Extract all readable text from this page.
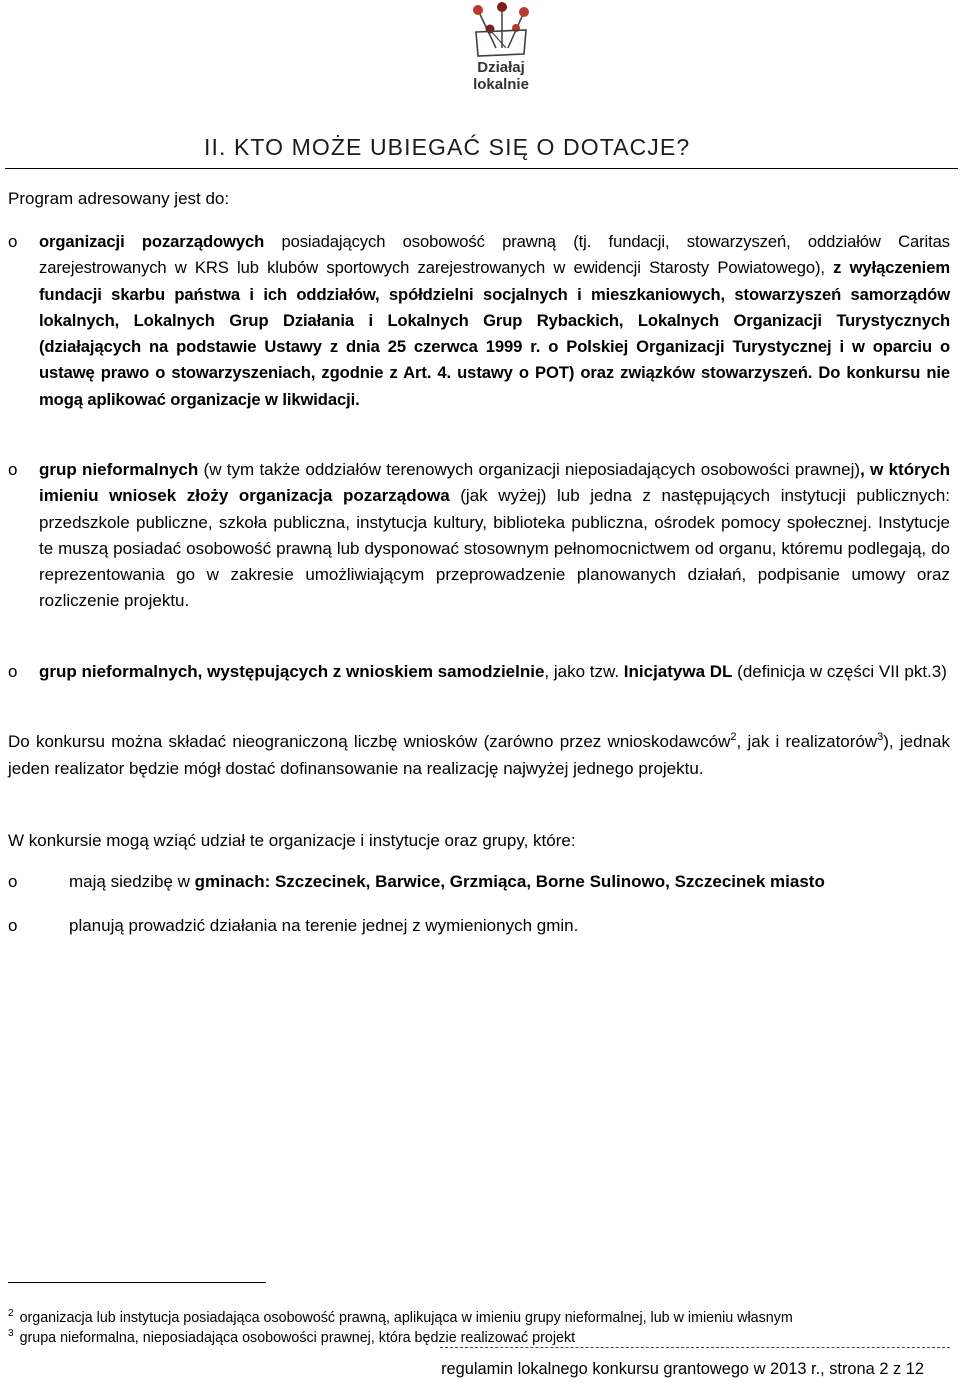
Działaj
lokalnie
II. KTO MOŻE UBIEGAĆ SIĘ O DOTACJE?
Program adresowany jest do:
o organizacji pozarządowych posiadających osobowość prawną (tj. fundacji, stowarzyszeń, oddziałów Caritas zarejestrowanych w KRS lub klubów sportowych zarejestrowanych w ewidencji Starosty Powiatowego), z wyłączeniem fundacji skarbu państwa i ich oddziałów, spółdzielni socjalnych i mieszkaniowych, stowarzyszeń samorządów lokalnych, Lokalnych Grup Działania i Lokalnych Grup Rybackich, Lokalnych Organizacji Turystycznych (działających na podstawie Ustawy z dnia 25 czerwca 1999 r. o Polskiej Organizacji Turystycznej i w oparciu o ustawę prawo o stowarzyszeniach, zgodnie z Art. 4. ustawy o POT) oraz związków stowarzyszeń. Do konkursu nie mogą aplikować organizacje w likwidacji.
o grup nieformalnych (w tym także oddziałów terenowych organizacji nieposiadających osobowości prawnej), w których imieniu wniosek złoży organizacja pozarządowa (jak wyżej) lub jedna z następujących instytucji publicznych: przedszkole publiczne, szkoła publiczna, instytucja kultury, biblioteka publiczna, ośrodek pomocy społecznej. Instytucje te muszą posiadać osobowość prawną lub dysponować stosownym pełnomocnictwem od organu, któremu podlegają, do reprezentowania go w zakresie umożliwiającym przeprowadzenie planowanych działań, podpisanie umowy oraz rozliczenie projektu.
o grup nieformalnych, występujących z wnioskiem samodzielnie, jako tzw. Inicjatywa DL (definicja w części VII pkt.3)
Do konkursu można składać nieograniczoną liczbę wniosków (zarówno przez wnioskodawców$^2$, jak i realizatorów$^3$), jednak jeden realizator będzie mógł dostać dofinansowanie na realizację najwyżej jednego projektu.
W konkursie mogą wziąć udział te organizacje i instytucje oraz grupy, które:
o	mają siedzibę w gminach: Szczecinek, Barwice, Grzmiąca, Borne Sulinowo, Szczecinek miasto
o	planują prowadzić działania na terenie jednej z wymienionych gmin.
$^2$ organizacja lub instytucja posiadająca osobowość prawną, aplikująca w imieniu grupy nieformalnej, lub w imieniu własnym
$^3$ grupa nieformalna, nieposiadająca osobowości prawnej, która będzie realizować projekt
regulamin lokalnego konkursu grantowego w 2013 r., strona 2 z 12
